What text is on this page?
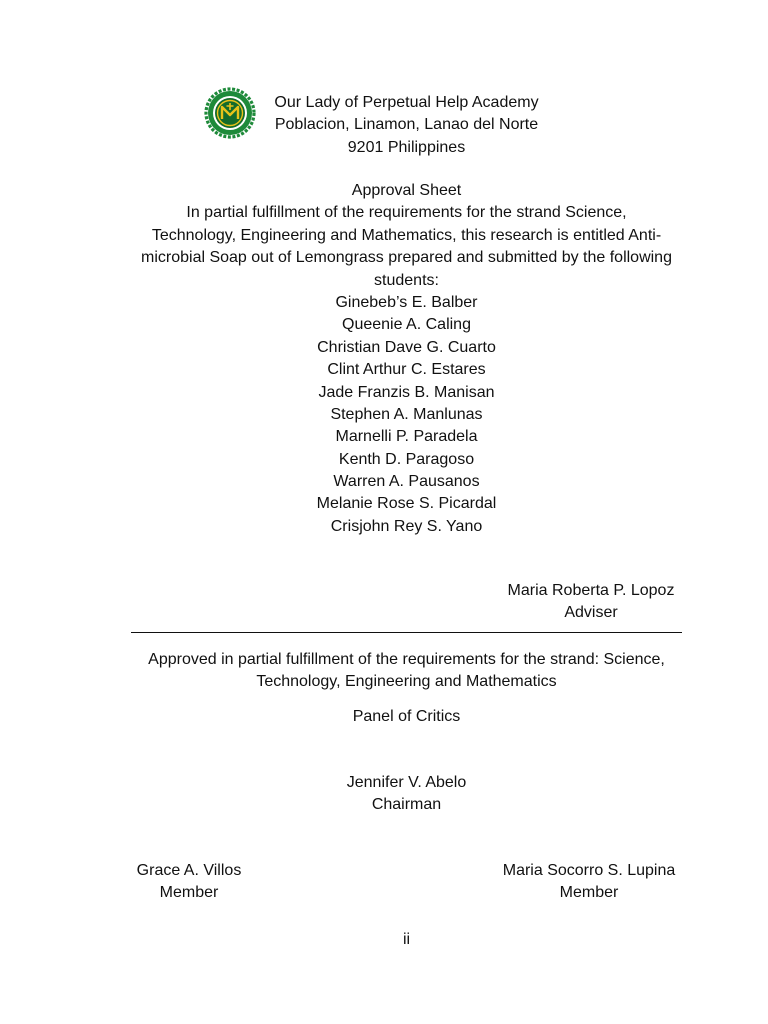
Our Lady of Perpetual Help Academy
Poblacion, Linamon, Lanao del Norte
9201 Philippines
Approval Sheet
In partial fulfillment of the requirements for the strand Science,
Technology, Engineering and Mathematics, this research is entitled Anti-
microbial Soap out of Lemongrass prepared and submitted by the following
students:
Ginebeb’s E. Balber
Queenie A. Caling
Christian Dave G. Cuarto
Clint Arthur C. Estares
Jade Franzis B. Manisan
Stephen A. Manlunas
Marnelli P. Paradela
Kenth D. Paragoso
Warren A. Pausanos
Melanie Rose S. Picardal
Crisjohn Rey S. Yano
Maria Roberta P. Lopoz
Adviser
Approved in partial fulfillment of the requirements for the strand: Science,
Technology, Engineering and Mathematics
Panel of Critics
Jennifer V. Abelo
Chairman
Grace A. Villos
Member
Maria Socorro S. Lupina
Member
ii
